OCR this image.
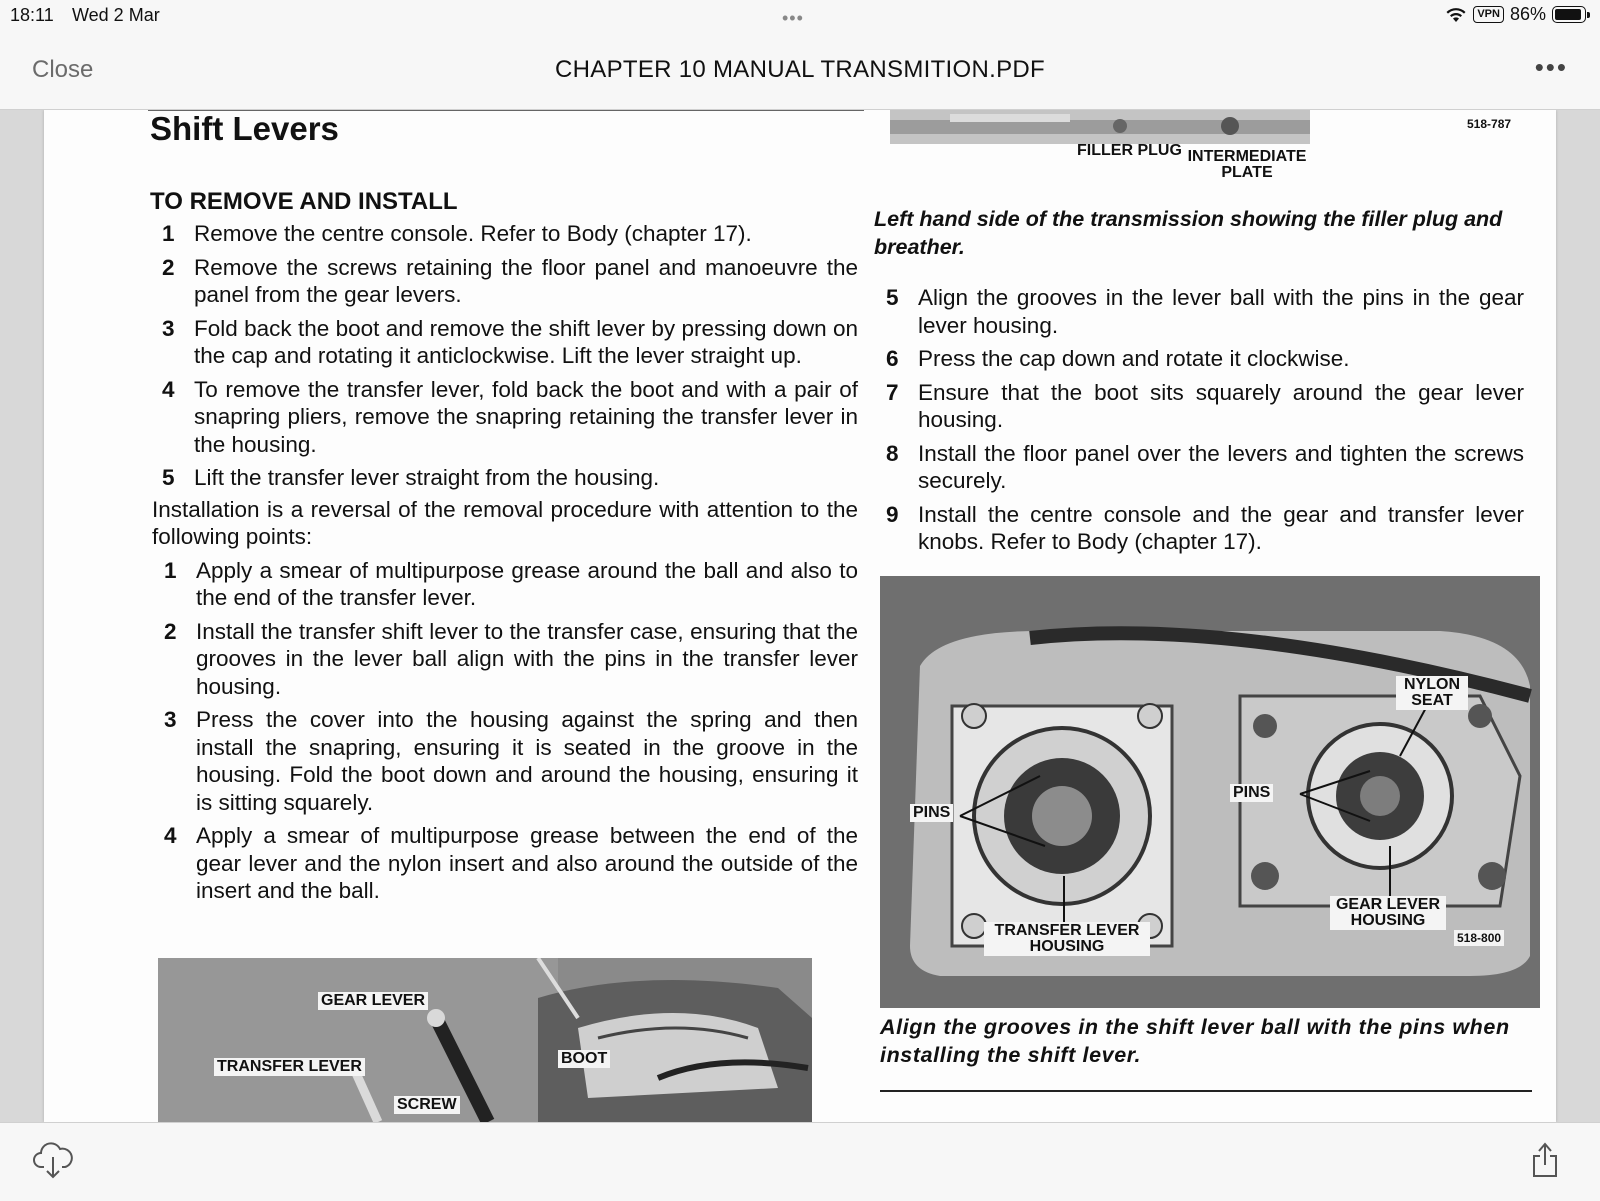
18:11 Wed 2 Mar	•••	VPN 86%
Close	CHAPTER 10 MANUAL TRANSMITION.PDF	•••
Shift Levers
TO REMOVE AND INSTALL
1 Remove the centre console. Refer to Body (chapter 17).
2 Remove the screws retaining the floor panel and manoeuvre the panel from the gear levers.
3 Fold back the boot and remove the shift lever by pressing down on the cap and rotating it anticlockwise. Lift the lever straight up.
4 To remove the transfer lever, fold back the boot and with a pair of snapring pliers, remove the snapring retaining the transfer lever in the housing.
5 Lift the transfer lever straight from the housing.
Installation is a reversal of the removal procedure with attention to the following points:
1 Apply a smear of multipurpose grease around the ball and also to the end of the transfer lever.
2 Install the transfer shift lever to the transfer case, ensuring that the grooves in the lever ball align with the pins in the transfer lever housing.
3 Press the cover into the housing against the spring and then install the snapring, ensuring it is seated in the groove in the housing. Fold the boot down and around the housing, ensuring it is sitting squarely.
4 Apply a smear of multipurpose grease between the end of the gear lever and the nylon insert and also around the outside of the insert and the ball.
GEAR LEVER
TRANSFER LEVER	BOOT
SCREW
FILLER PLUG INTERMEDIATE PLATE
518-787
Left hand side of the transmission showing the filler plug and breather.
5 Align the grooves in the lever ball with the pins in the gear lever housing.
6 Press the cap down and rotate it clockwise.
7 Ensure that the boot sits squarely around the gear lever housing.
8 Install the floor panel over the levers and tighten the screws securely.
9 Install the centre console and the gear and transfer lever knobs. Refer to Body (chapter 17).
NYLON SEAT
PINS
PINS
TRANSFER LEVER HOUSING
GEAR LEVER HOUSING
518-800
Align the grooves in the shift lever ball with the pins when installing the shift lever.
